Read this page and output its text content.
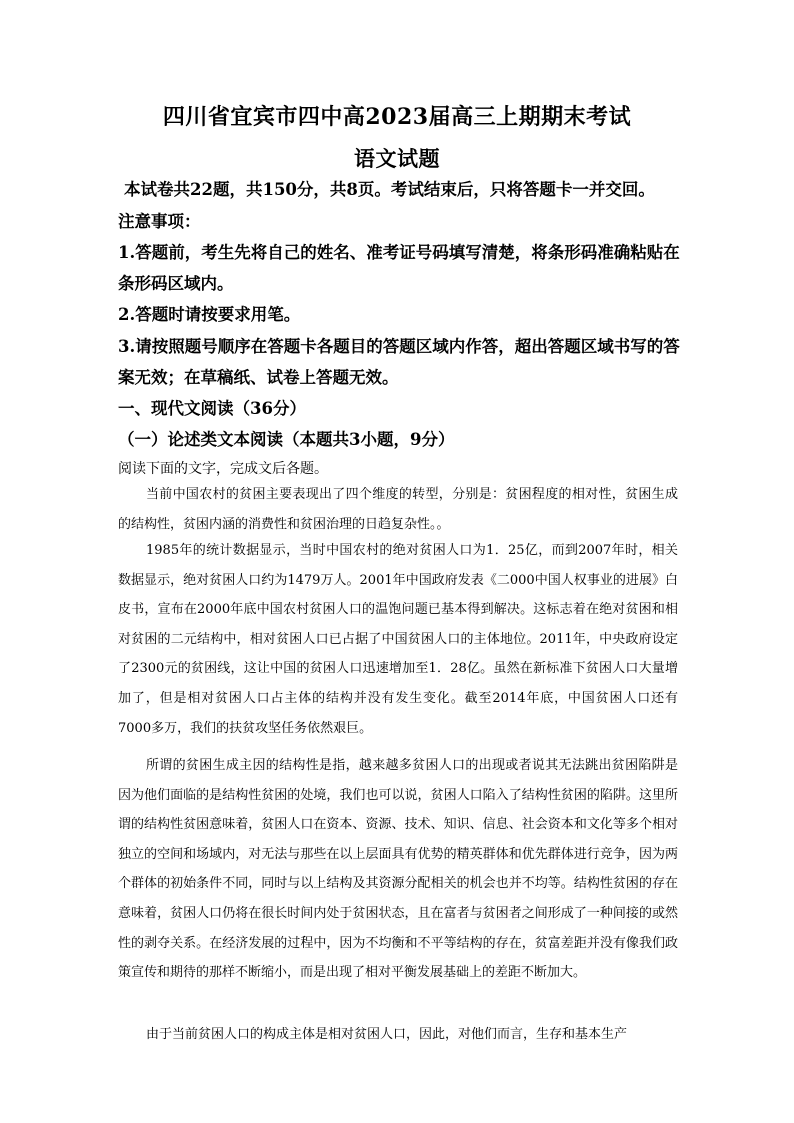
四川省宜宾市四中高2023届高三上期期末考试
语文试题
本试卷共22题，共150分，共8页。考试结束后，只将答题卡一并交回。
注意事项：
1.答题前，考生先将自己的姓名、准考证号码填写清楚，将条形码准确粘贴在
条形码区域内。
2.答题时请按要求用笔。
3.请按照题号顺序在答题卡各题目的答题区域内作答，超出答题区域书写的答
案无效；在草稿纸、试卷上答题无效。
一、现代文阅读（36分）
（一）论述类文本阅读（本题共3小题，9分）
阅读下面的文字，完成文后各题。
当前中国农村的贫困主要表现出了四个维度的转型，分别是：贫困程度的相对性，贫困生成的结构性，贫困内涵的消费性和贫困治理的日趋复杂性。。
1985年的统计数据显示，当时中国农村的绝对贫困人口为1．25亿，而到2007年时，相关数据显示，绝对贫困人口约为1479万人。2001年中国政府发表《二000中国人权事业的进展》白皮书，宣布在2000年底中国农村贫困人口的温饱问题已基本得到解决。这标志着在绝对贫困和相对贫困的二元结构中，相对贫困人口已占据了中国贫困人口的主体地位。2011年，中央政府设定了2300元的贫困线，这让中国的贫困人口迅速增加至1．28亿。虽然在新标准下贫困人口大量增加了，但是相对贫困人口占主体的结构并没有发生变化。截至2014年底，中国贫困人口还有7000多万，我们的扶贫攻坚任务依然艰巨。
所谓的贫困生成主因的结构性是指，越来越多贫困人口的出现或者说其无法跳出贫困陷阱是因为他们面临的是结构性贫困的处境，我们也可以说，贫困人口陷入了结构性贫困的陷阱。这里所谓的结构性贫困意味着，贫困人口在资本、资源、技术、知识、信息、社会资本和文化等多个相对独立的空间和场域内，对无法与那些在以上层面具有优势的精英群体和优先群体进行竞争，因为两个群体的初始条件不同，同时与以上结构及其资源分配相关的机会也并不均等。结构性贫困的存在意味着，贫困人口仍将在很长时间内处于贫困状态，且在富者与贫困者之间形成了一种间接的或然性的剥夺关系。在经济发展的过程中，因为不均衡和不平等结构的存在，贫富差距并没有像我们政策宣传和期待的那样不断缩小，而是出现了相对平衡发展基础上的差距不断加大。
由于当前贫困人口的构成主体是相对贫困人口，因此，对他们而言，生存和基本生产
